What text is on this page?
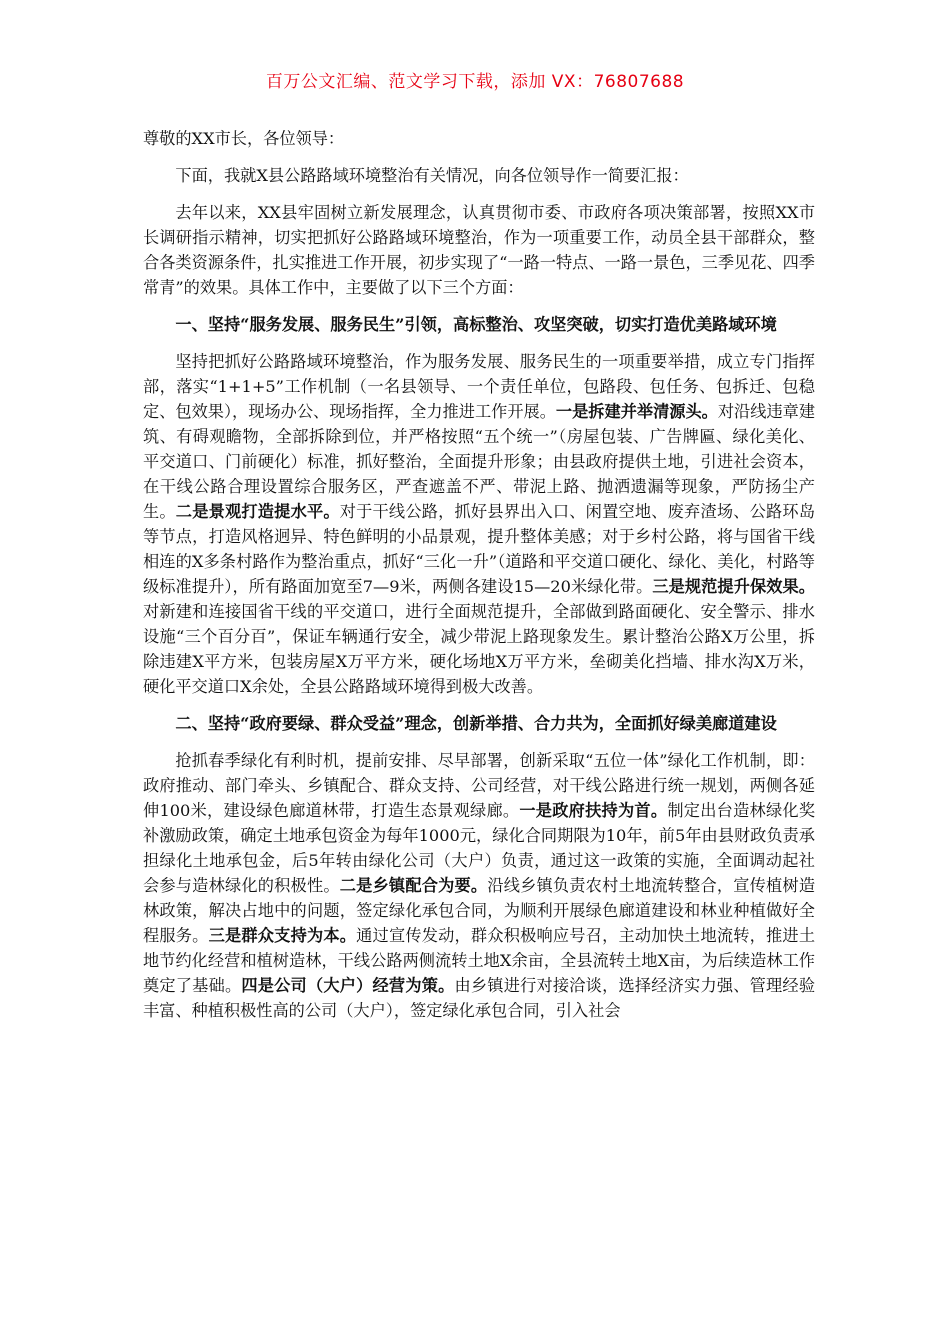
百万公文汇编、范文学习下载，添加 VX：76807688

尊敬的XX市长，各位领导：

下面，我就X县公路路域环境整治有关情况，向各位领导作一简要汇报：

去年以来，XX县牢固树立新发展理念，认真贯彻市委、市政府各项决策部署，按照XX市长调研指示精神，切实把抓好公路路域环境整治，作为一项重要工作，动员全县干部群众，整合各类资源条件，扎实推进工作开展，初步实现了“一路一特点、一路一景色，三季见花、四季常青”的效果。具体工作中，主要做了以下三个方面：

一、坚持“服务发展、服务民生”引领，高标整治、攻坚突破，切实打造优美路域环境

坚持把抓好公路路域环境整治，作为服务发展、服务民生的一项重要举措，成立专门指挥部，落实“1+1+5”工作机制（一名县领导、一个责任单位，包路段、包任务、包拆迁、包稳定、包效果），现场办公、现场指挥，全力推进工作开展。一是拆建并举清源头。对沿线违章建筑、有碍观瞻物，全部拆除到位，并严格按照“五个统一”（房屋包装、广告牌匾、绿化美化、平交道口、门前硬化）标准，抓好整治，全面提升形象；由县政府提供土地，引进社会资本，在干线公路合理设置综合服务区，严查遮盖不严、带泥上路、抛洒遗漏等现象，严防扬尘产生。二是景观打造提水平。对于干线公路，抓好县界出入口、闲置空地、废弃渣场、公路环岛等节点，打造风格迥异、特色鲜明的小品景观，提升整体美感；对于乡村公路，将与国省干线相连的X多条村路作为整治重点，抓好“三化一升”（道路和平交道口硬化、绿化、美化，村路等级标准提升），所有路面加宽至7—9米，两侧各建设15—20米绿化带。三是规范提升保效果。对新建和连接国省干线的平交道口，进行全面规范提升，全部做到路面硬化、安全警示、排水设施“三个百分百”，保证车辆通行安全，减少带泥上路现象发生。累计整治公路X万公里，拆除违建X平方米，包装房屋X万平方米，硬化场地X万平方米，垒砌美化挡墙、排水沟X万米，硬化平交道口X余处，全县公路路域环境得到极大改善。

二、坚持“政府要绿、群众受益”理念，创新举措、合力共为，全面抓好绿美廊道建设

抢抓春季绿化有利时机，提前安排、尽早部署，创新采取“五位一体”绿化工作机制，即：政府推动、部门牵头、乡镇配合、群众支持、公司经营，对干线公路进行统一规划，两侧各延伸100米，建设绿色廊道林带，打造生态景观绿廊。一是政府扶持为首。制定出台造林绿化奖补激励政策，确定土地承包资金为每年1000元，绿化合同期限为10年，前5年由县财政负责承担绿化土地承包金，后5年转由绿化公司（大户）负责，通过这一政策的实施，全面调动起社会参与造林绿化的积极性。二是乡镇配合为要。沿线乡镇负责农村土地流转整合，宣传植树造林政策，解决占地中的问题，签定绿化承包合同，为顺利开展绿色廊道建设和林业种植做好全程服务。三是群众支持为本。通过宣传发动，群众积极响应号召，主动加快土地流转，推进土地节约化经营和植树造林，干线公路两侧流转土地X余亩，全县流转土地X亩，为后续造林工作奠定了基础。四是公司（大户）经营为策。由乡镇进行对接洽谈，选择经济实力强、管理经验丰富、种植积极性高的公司（大户），签定绿化承包合同，引入社会
